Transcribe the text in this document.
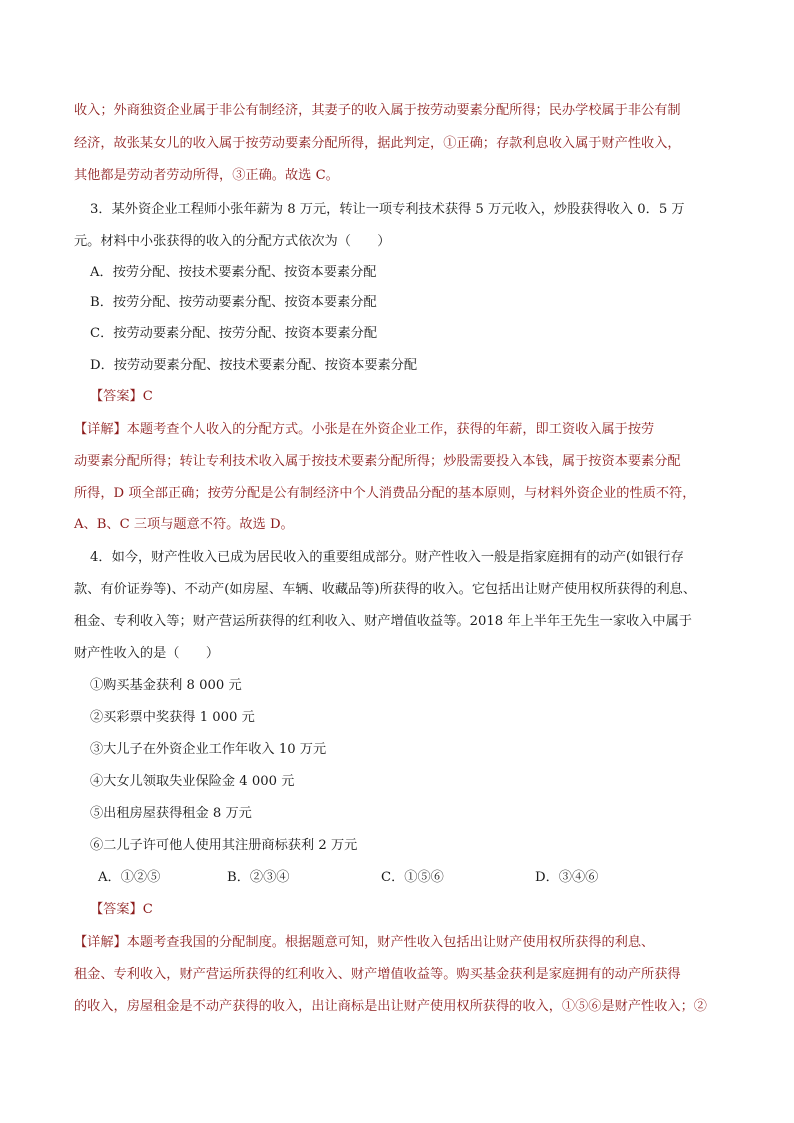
收入；外商独资企业属于非公有制经济，其妻子的收入属于按劳动要素分配所得；民办学校属于非公有制
经济，故张某女儿的收入属于按劳动要素分配所得，据此判定，①正确；存款利息收入属于财产性收入，
其他都是劳动者劳动所得，③正确。故选 C。
3．某外资企业工程师小张年薪为 8 万元，转让一项专利技术获得 5 万元收入，炒股获得收入 0．5 万
元。材料中小张获得的收入的分配方式依次为（　　）
A．按劳分配、按技术要素分配、按资本要素分配
B．按劳分配、按劳动要素分配、按资本要素分配
C．按劳动要素分配、按劳分配、按资本要素分配
D．按劳动要素分配、按技术要素分配、按资本要素分配
【答案】C
【详解】本题考查个人收入的分配方式。小张是在外资企业工作，获得的年薪，即工资收入属于按劳
动要素分配所得；转让专利技术收入属于按技术要素分配所得；炒股需要投入本钱，属于按资本要素分配
所得，D 项全部正确；按劳分配是公有制经济中个人消费品分配的基本原则，与材料外资企业的性质不符，
A、B、C 三项与题意不符。故选 D。
4．如今，财产性收入已成为居民收入的重要组成部分。财产性收入一般是指家庭拥有的动产(如银行存
款、有价证券等)、不动产(如房屋、车辆、收藏品等)所获得的收入。它包括出让财产使用权所获得的利息、
租金、专利收入等；财产营运所获得的红利收入、财产增值收益等。2018 年上半年王先生一家收入中属于
财产性收入的是（　　）
①购买基金获利 8 000 元
②买彩票中奖获得 1 000 元
③大儿子在外资企业工作年收入 10 万元
④大女儿领取失业保险金 4 000 元
⑤出租房屋获得租金 8 万元
⑥二儿子许可他人使用其注册商标获利 2 万元
A．①②⑤	B．②③④	C．①⑤⑥	D．③④⑥
【答案】C
【详解】本题考查我国的分配制度。根据题意可知，财产性收入包括出让财产使用权所获得的利息、
租金、专利收入，财产营运所获得的红利收入、财产增值收益等。购买基金获利是家庭拥有的动产所获得
的收入，房屋租金是不动产获得的收入，出让商标是出让财产使用权所获得的收入，①⑤⑥是财产性收入；②
